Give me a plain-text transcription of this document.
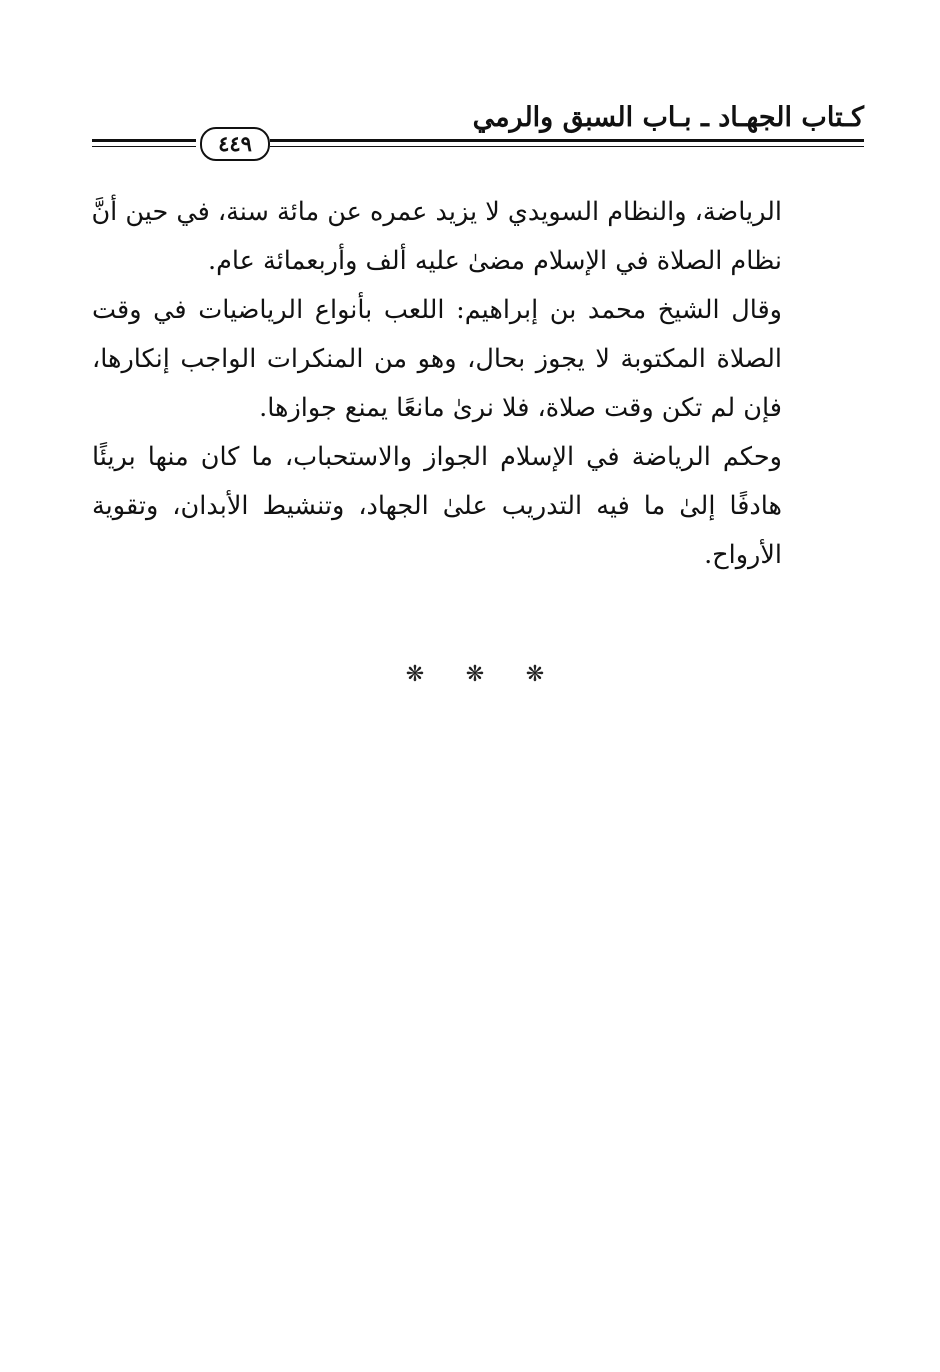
كـتاب الجهـاد ـ بـاب السبق والرمي
٤٤٩
الرياضة، والنظام السويدي لا يزيد عمره عن مائة سنة، في حين أنَّ
نظام الصلاة في الإسلام مضىٰ عليه ألف وأربعمائة عام.
وقال الشيخ محمد بن إبراهيم: اللعب بأنواع الرياضيات في وقت
الصلاة المكتوبة لا يجوز بحال، وهو من المنكرات الواجب إنكارها،
فإن لم تكن وقت صلاة، فلا نرىٰ مانعًا يمنع جوازها.
وحكم الرياضة في الإسلام الجواز والاستحباب، ما كان منها بريئًا
هادفًا إلىٰ ما فيه التدريب علىٰ الجهاد، وتنشيط الأبدان، وتقوية
الأرواح.
❋	❋	❋
